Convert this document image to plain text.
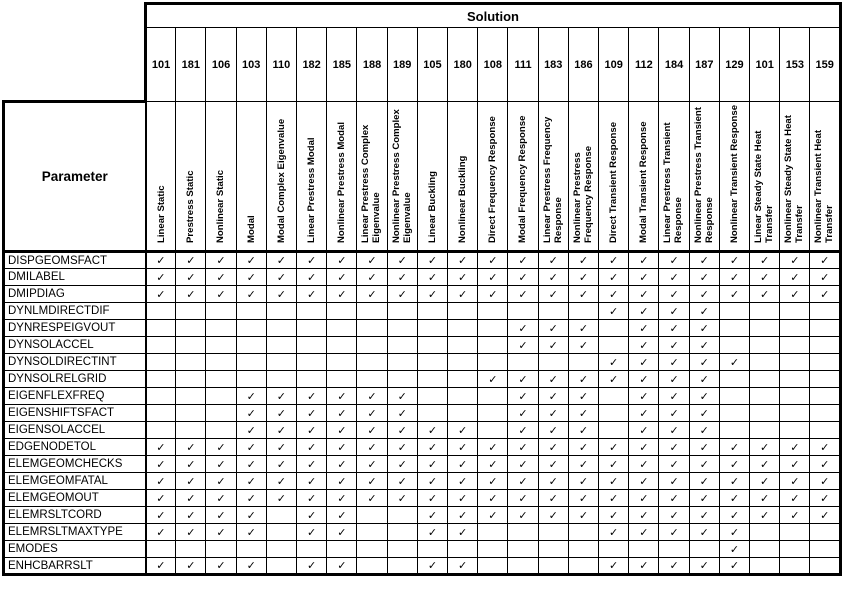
	Solution																						
	101	181	106	103	110	182	185	188	189	105	180	108	111	183	186	109	112	184	187	129	101	153	159
Parameter	Linear Static	Prestress Static	Nonlinear Static	Modal	Modal Complex Eigenvalue	Linear Prestress Modal	Nonlinear Prestress Modal	Linear Prestress Complex Eigenvalue	Nonlinear Prestress Complex Eigenvalue	Linear Buckling	Nonlinear Buckling	Direct Frequency Response	Modal Frequency Response	Linear Prestress Frequency Response	Nonlinear Prestress Frequency Response	Direct Transient Response	Modal Transient Response	Linear Prestress Transient Response	Nonlinear Prestress Transient Response	Nonlinear Transient Response	Linear Steady State Heat Transfer	Nonlinear Steady State Heat Transfer	Nonlinear Transient Heat Transfer

DISPGEOMSFACT	✓	✓	✓	✓	✓	✓	✓	✓	✓	✓	✓	✓	✓	✓	✓	✓	✓	✓	✓	✓	✓	✓	✓
DMILABEL	✓	✓	✓	✓	✓	✓	✓	✓	✓	✓	✓	✓	✓	✓	✓	✓	✓	✓	✓	✓	✓	✓	✓
DMIPDIAG	✓	✓	✓	✓	✓	✓	✓	✓	✓	✓	✓	✓	✓	✓	✓	✓	✓	✓	✓	✓	✓	✓	✓
DYNLMDIRECTDIF																✓	✓	✓	✓				
DYNRESPEIGVOUT													✓	✓	✓		✓	✓	✓				
DYNSOLACCEL													✓	✓	✓		✓	✓	✓				
DYNSOLDIRECTINT																✓	✓	✓	✓	✓			
DYNSOLRELGRID												✓	✓	✓	✓	✓	✓	✓	✓				
EIGENFLEXFREQ				✓	✓	✓	✓	✓	✓				✓	✓	✓		✓	✓	✓				
EIGENSHIFTSFACT				✓	✓	✓	✓	✓	✓				✓	✓	✓		✓	✓	✓				
EIGENSOLACCEL				✓	✓	✓	✓	✓	✓	✓	✓		✓	✓	✓		✓	✓	✓				
EDGENODETOL	✓	✓	✓	✓	✓	✓	✓	✓	✓	✓	✓	✓	✓	✓	✓	✓	✓	✓	✓	✓	✓	✓	✓
ELEMGEOMCHECKS	✓	✓	✓	✓	✓	✓	✓	✓	✓	✓	✓	✓	✓	✓	✓	✓	✓	✓	✓	✓	✓	✓	✓
ELEMGEOMFATAL	✓	✓	✓	✓	✓	✓	✓	✓	✓	✓	✓	✓	✓	✓	✓	✓	✓	✓	✓	✓	✓	✓	✓
ELEMGEOMOUT	✓	✓	✓	✓	✓	✓	✓	✓	✓	✓	✓	✓	✓	✓	✓	✓	✓	✓	✓	✓	✓	✓	✓
ELEMRSLTCORD	✓	✓	✓	✓		✓	✓			✓	✓	✓	✓	✓	✓	✓	✓	✓	✓	✓	✓	✓	✓
ELEMRSLTMAXTYPE	✓	✓	✓	✓		✓	✓			✓	✓					✓	✓	✓	✓	✓			
EMODES																				✓			
ENHCBARRSLT	✓	✓	✓	✓		✓	✓			✓	✓					✓	✓	✓	✓	✓			
